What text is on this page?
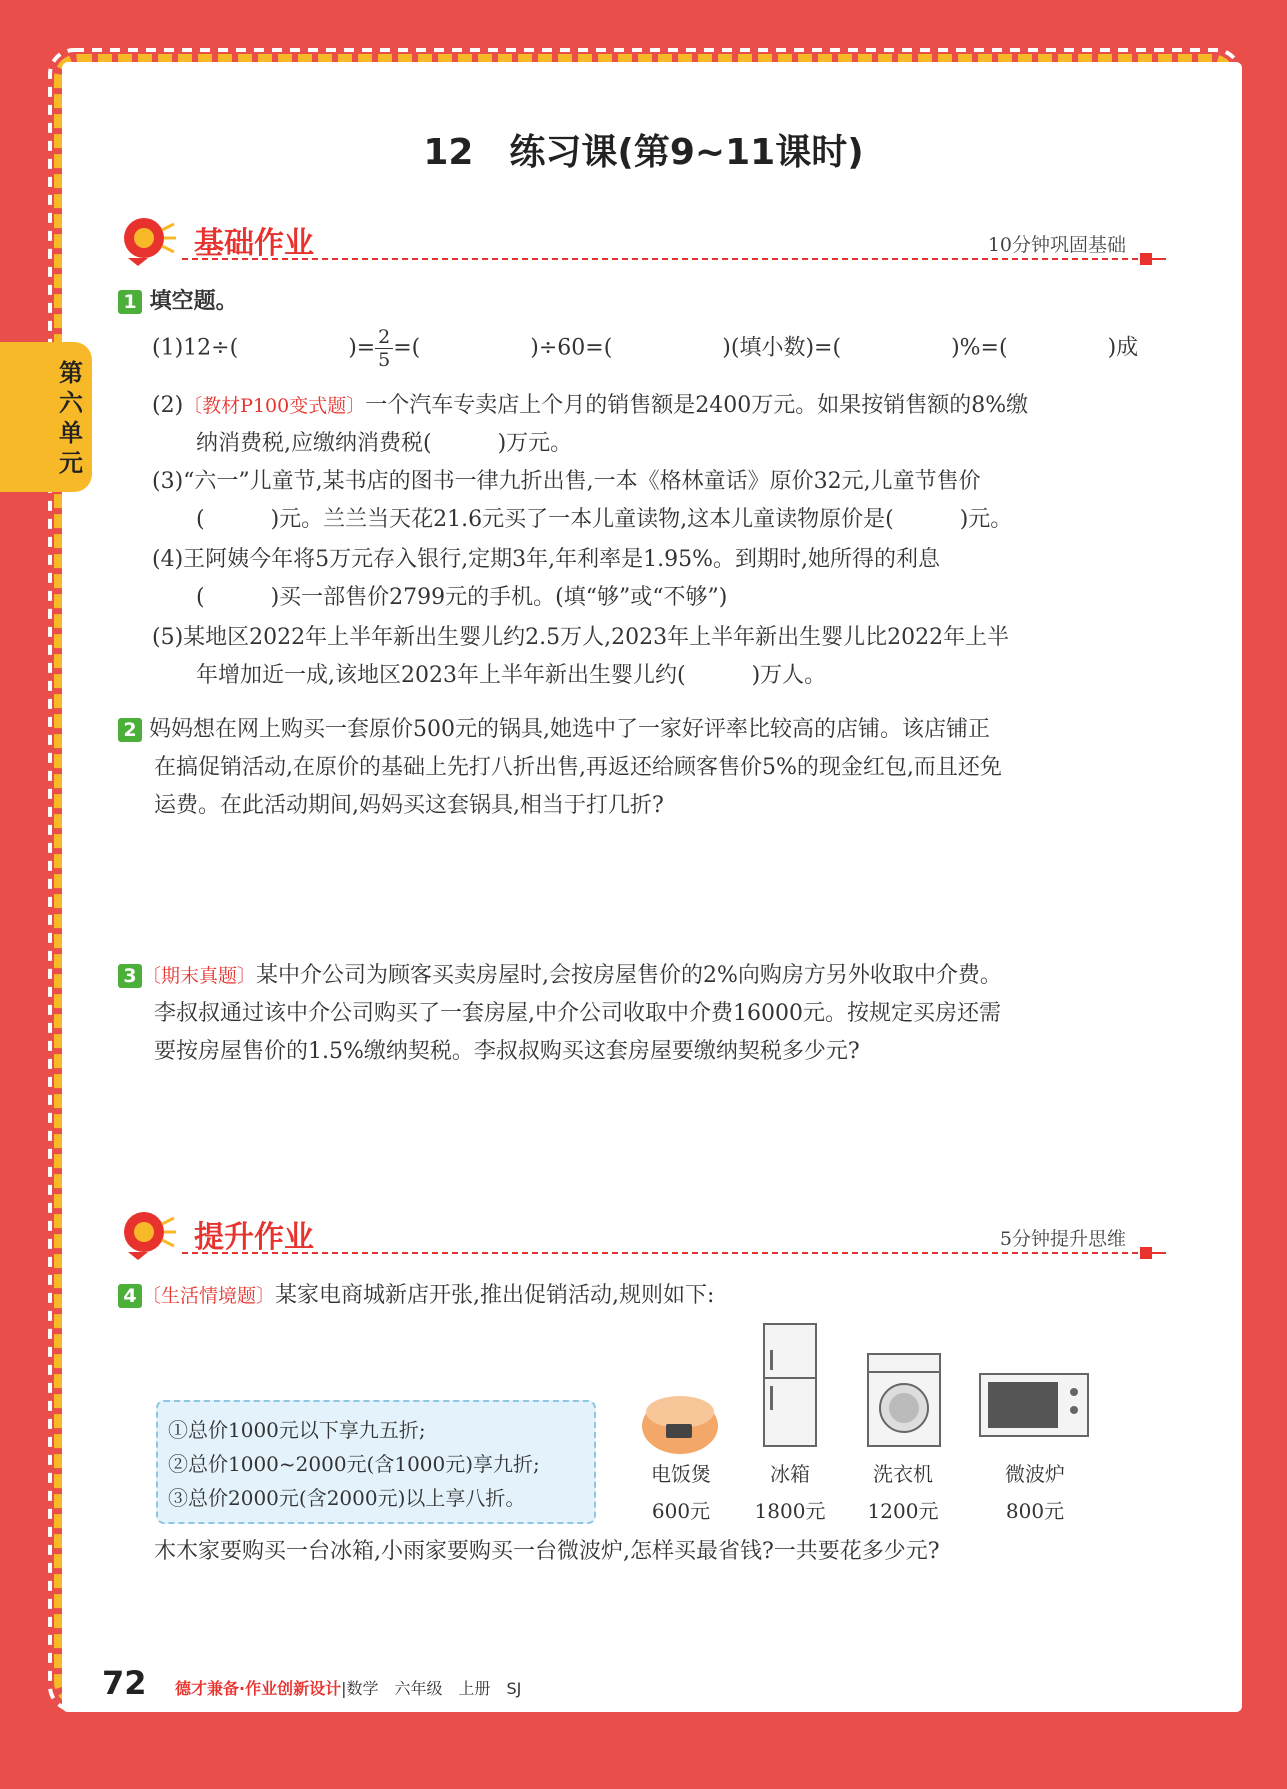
第六单元
12　练习课(第9~11课时)
基础作业	10分钟巩固基础
1 填空题。
(1)12÷(	)$=\frac{2}{5}=$(	)÷60=(	)(填小数)=(	)%=(	)成
(2)〔教材P100变式题〕一个汽车专卖店上个月的销售额是2400万元。如果按销售额的8%缴
纳消费税,应缴纳消费税(　　　)万元。
(3)“六一”儿童节,某书店的图书一律九折出售,一本《格林童话》原价32元,儿童节售价
(　　　)元。兰兰当天花21.6元买了一本儿童读物,这本儿童读物原价是(　　　)元。
(4)王阿姨今年将5万元存入银行,定期3年,年利率是1.95%。到期时,她所得的利息
(　　　)买一部售价2799元的手机。(填“够”或“不够”)
(5)某地区2022年上半年新出生婴儿约2.5万人,2023年上半年新出生婴儿比2022年上半
年增加近一成,该地区2023年上半年新出生婴儿约(　　　)万人。
2 妈妈想在网上购买一套原价500元的锅具,她选中了一家好评率比较高的店铺。该店铺正
在搞促销活动,在原价的基础上先打八折出售,再返还给顾客售价5%的现金红包,而且还免
运费。在此活动期间,妈妈买这套锅具,相当于打几折?
3 〔期末真题〕某中介公司为顾客买卖房屋时,会按房屋售价的2%向购房方另外收取中介费。
李叔叔通过该中介公司购买了一套房屋,中介公司收取中介费16000元。按规定买房还需
要按房屋售价的1.5%缴纳契税。李叔叔购买这套房屋要缴纳契税多少元?
提升作业	5分钟提升思维
4 〔生活情境题〕某家电商城新店开张,推出促销活动,规则如下:
①总价1000元以下享九五折;
②总价1000~2000元(含1000元)享九折;
③总价2000元(含2000元)以上享八折。
电饭煲
600元
冰箱
1800元
洗衣机
1200元
微波炉
800元
木木家要购买一台冰箱,小雨家要购买一台微波炉,怎样买最省钱?一共要花多少元?
72 德才兼备·作业创新设计|数学　六年级　上册　SJ
